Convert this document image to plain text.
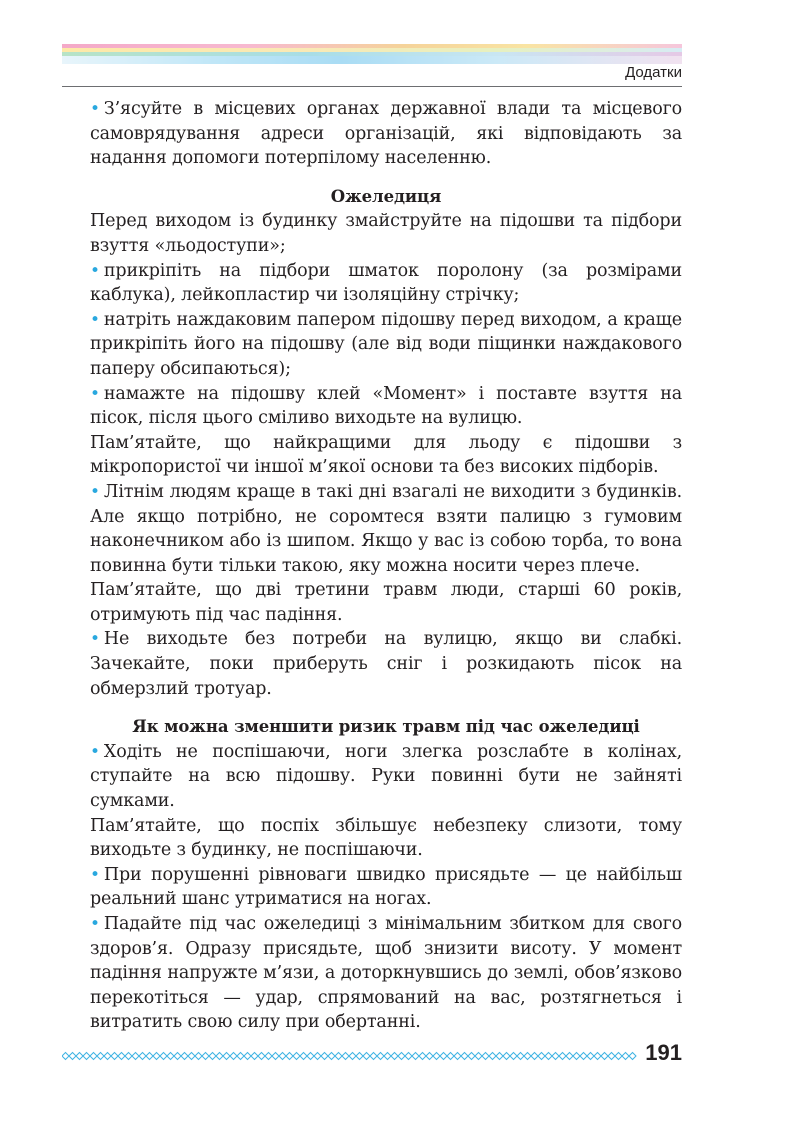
Додатки

• З’ясуйте в місцевих органах державної влади та місцевого самоврядування адреси організацій, які відповідають за надання допомоги потерпілому населенню.

Ожеледиця

Перед виходом із будинку змайструйте на підошви та підбори взуття «льодоступи»;

• прикріпіть на підбори шматок поролону (за розмірами каблука), лейкопластир чи ізоляційну стрічку;

• натріть наждаковим папером підошву перед виходом, а краще прикріпіть його на підошву (але від води піщинки наждакового паперу обсипаються);

• намажте на підошву клей «Момент» і поставте взуття на пісок, після цього сміливо виходьте на вулицю.

Пам’ятайте, що найкращими для льоду є підошви з мікропористої чи іншої м’якої основи та без високих підборів.

• Літнім людям краще в такі дні взагалі не виходити з будинків. Але якщо потрібно, не соромтеся взяти палицю з гумовим наконечником або із шипом. Якщо у вас із собою торба, то вона повинна бути тільки такою, яку можна носити через плече.

Пам’ятайте, що дві третини травм люди, старші 60 років, отримують під час падіння.

• Не виходьте без потреби на вулицю, якщо ви слабкі. Зачекайте, поки приберуть сніг і розкидають пісок на обмерзлий тротуар.

Як можна зменшити ризик травм під час ожеледиці

• Ходіть не поспішаючи, ноги злегка розслабте в колінах, ступайте на всю підошву. Руки повинні бути не зайняті сумками.

Пам’ятайте, що поспіх збільшує небезпеку слизоти, тому виходьте з будинку, не поспішаючи.

• При порушенні рівноваги швидко присядьте — це найбільш реальний шанс утриматися на ногах.

• Падайте під час ожеледиці з мінімальним збитком для свого здоров’я. Одразу присядьте, щоб знизити висоту. У момент падіння напружте м’язи, а доторкнувшись до землі, обов’язково перекотіться — удар, спрямований на вас, розтягнеться і витратить свою силу при обертанні.

191
